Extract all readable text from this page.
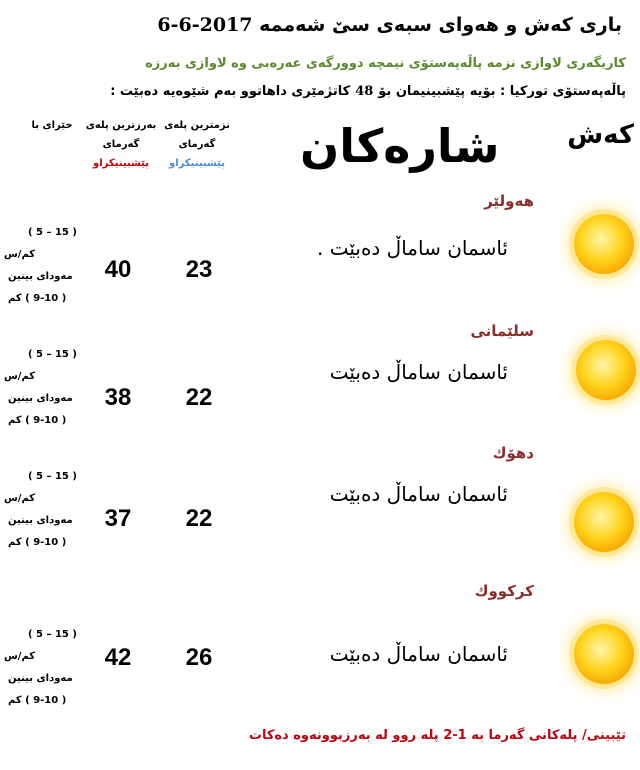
باری كەش و هەوای سبەی سێ شەممە 2017-6-6
كاریگەری لاوازی نزمە پاڵەپەستۆی نیمچە دوورگەی عەرەبی وە لاوازی بەرزە
پاڵەپەستۆی توركیا : بۆیە پێشبینیمان بۆ48كاتژمێری داهاتوو بەم شێوەیە دەبێت :
خێرای با	بەرزترین پلەی
گەرمای
پێشبینیكراو
نزمترین پلەی
گەرمای
پێشبینیكراو شارەكان	كەش
هەولێر
ئاسمان ساماڵ دەبێت .
23
40
( 5 – 15 )
كم/س
مەودای بینین
( 9-10 ) كم
سلێمانی
ئاسمان ساماڵ دەبێت
22
38
( 5 – 15 )
كم/س
مەودای بینین
( 9-10 ) كم
دهۆك
ئاسمان ساماڵ دەبێت
22
37
( 5 – 15 )
كم/س
مەودای بینین
( 9-10 ) كم
كركووك
ئاسمان ساماڵ دەبێت
26
42
( 5 – 15 )
كم/س
مەودای بینین
( 9-10 ) كم
تێبینی/ پلەكانی گەرما بە 1-2 پلە روو لە بەرزبوونەوە دەكات
